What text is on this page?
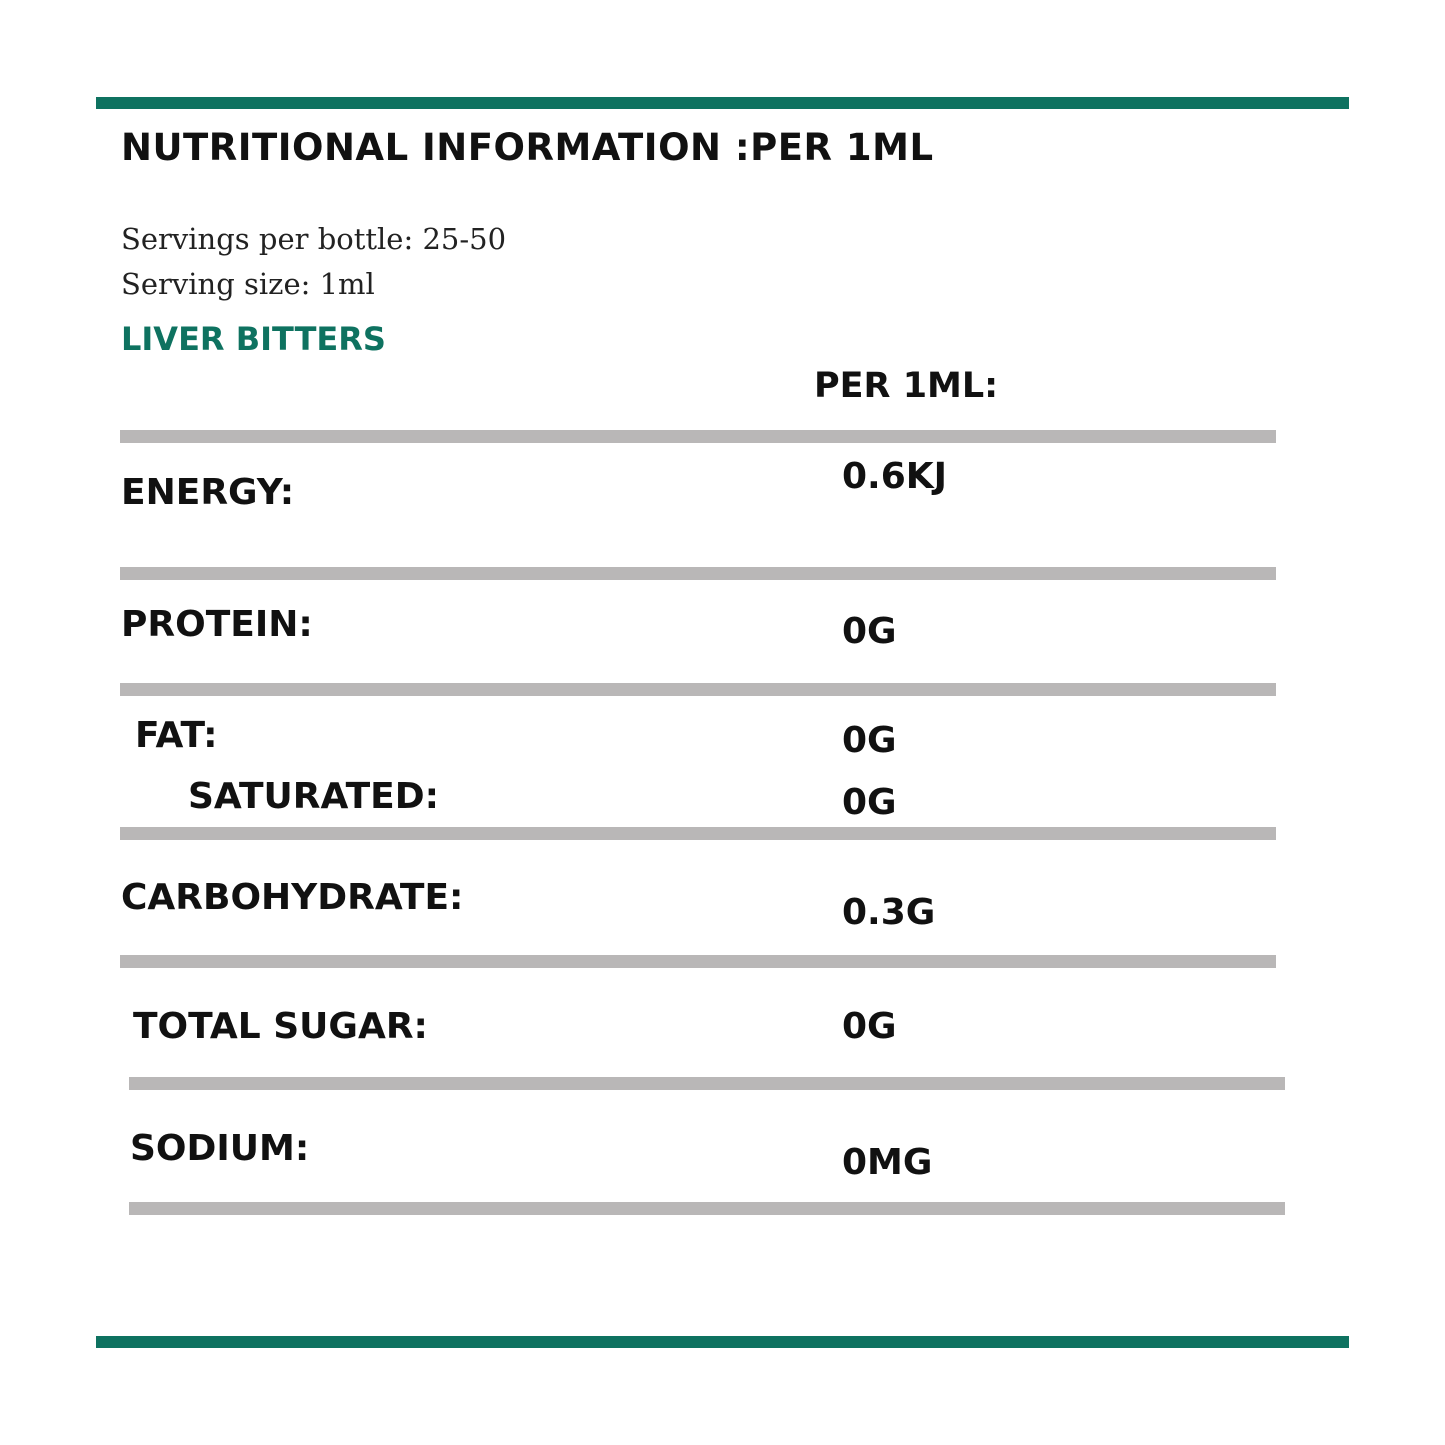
NUTRITIONAL INFORMATION :PER 1ML
Servings per bottle: 25-50
Serving size: 1ml
LIVER BITTERS
PER 1ML:
ENERGY:	0.6KJ
PROTEIN:	0G
FAT:	0G
SATURATED:	0G
CARBOHYDRATE:	0.3G
TOTAL SUGAR:	0G
SODIUM:	0MG
